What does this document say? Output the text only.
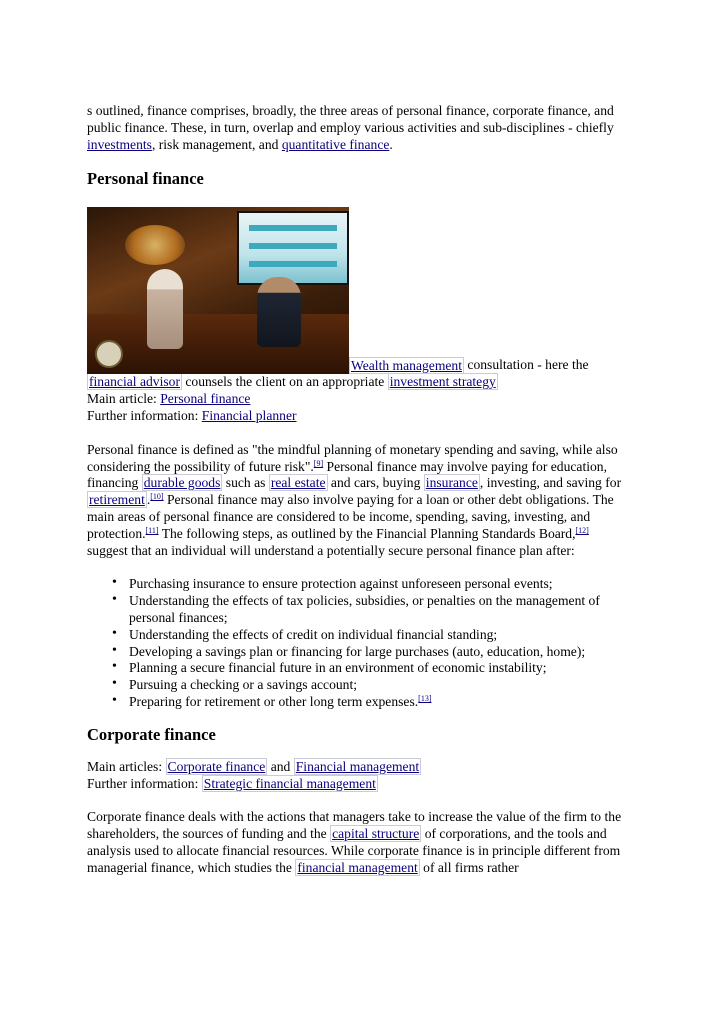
s outlined, finance comprises, broadly, the three areas of personal finance, corporate finance, and public finance. These, in turn, overlap and employ various activities and sub-disciplines - chiefly investments, risk management, and quantitative finance.

Personal finance
Wealth management consultation - here the financial advisor counsels the client on an appropriate investment strategy

Main article: Personal finance

Further information: Financial planner

Personal finance is defined as "the mindful planning of monetary spending and saving, while also considering the possibility of future risk".[9] Personal finance may involve paying for education, financing durable goods such as real estate and cars, buying insurance , investing, and saving for retirement .[10] Personal finance may also involve paying for a loan or other debt obligations. The main areas of personal finance are considered to be income, spending, saving, investing, and protection.[11] The following steps, as outlined by the Financial Planning Standards Board,[12] suggest that an individual will understand a potentially secure personal finance plan after:

• Purchasing insurance to ensure protection against unforeseen personal events;
• Understanding the effects of tax policies, subsidies, or penalties on the management of personal finances;
• Understanding the effects of credit on individual financial standing;
• Developing a savings plan or financing for large purchases (auto, education, home);
• Planning a secure financial future in an environment of economic instability;
• Pursuing a checking or a savings account;
• Preparing for retirement or other long term expenses.[13]
Corporate finance

Main articles: Corporate finance and Financial management

Further information: Strategic financial management

Corporate finance deals with the actions that managers take to increase the value of the firm to the shareholders, the sources of funding and the capital structure of corporations, and the tools and analysis used to allocate financial resources. While corporate finance is in principle different from managerial finance, which studies the financial management of all firms rather
